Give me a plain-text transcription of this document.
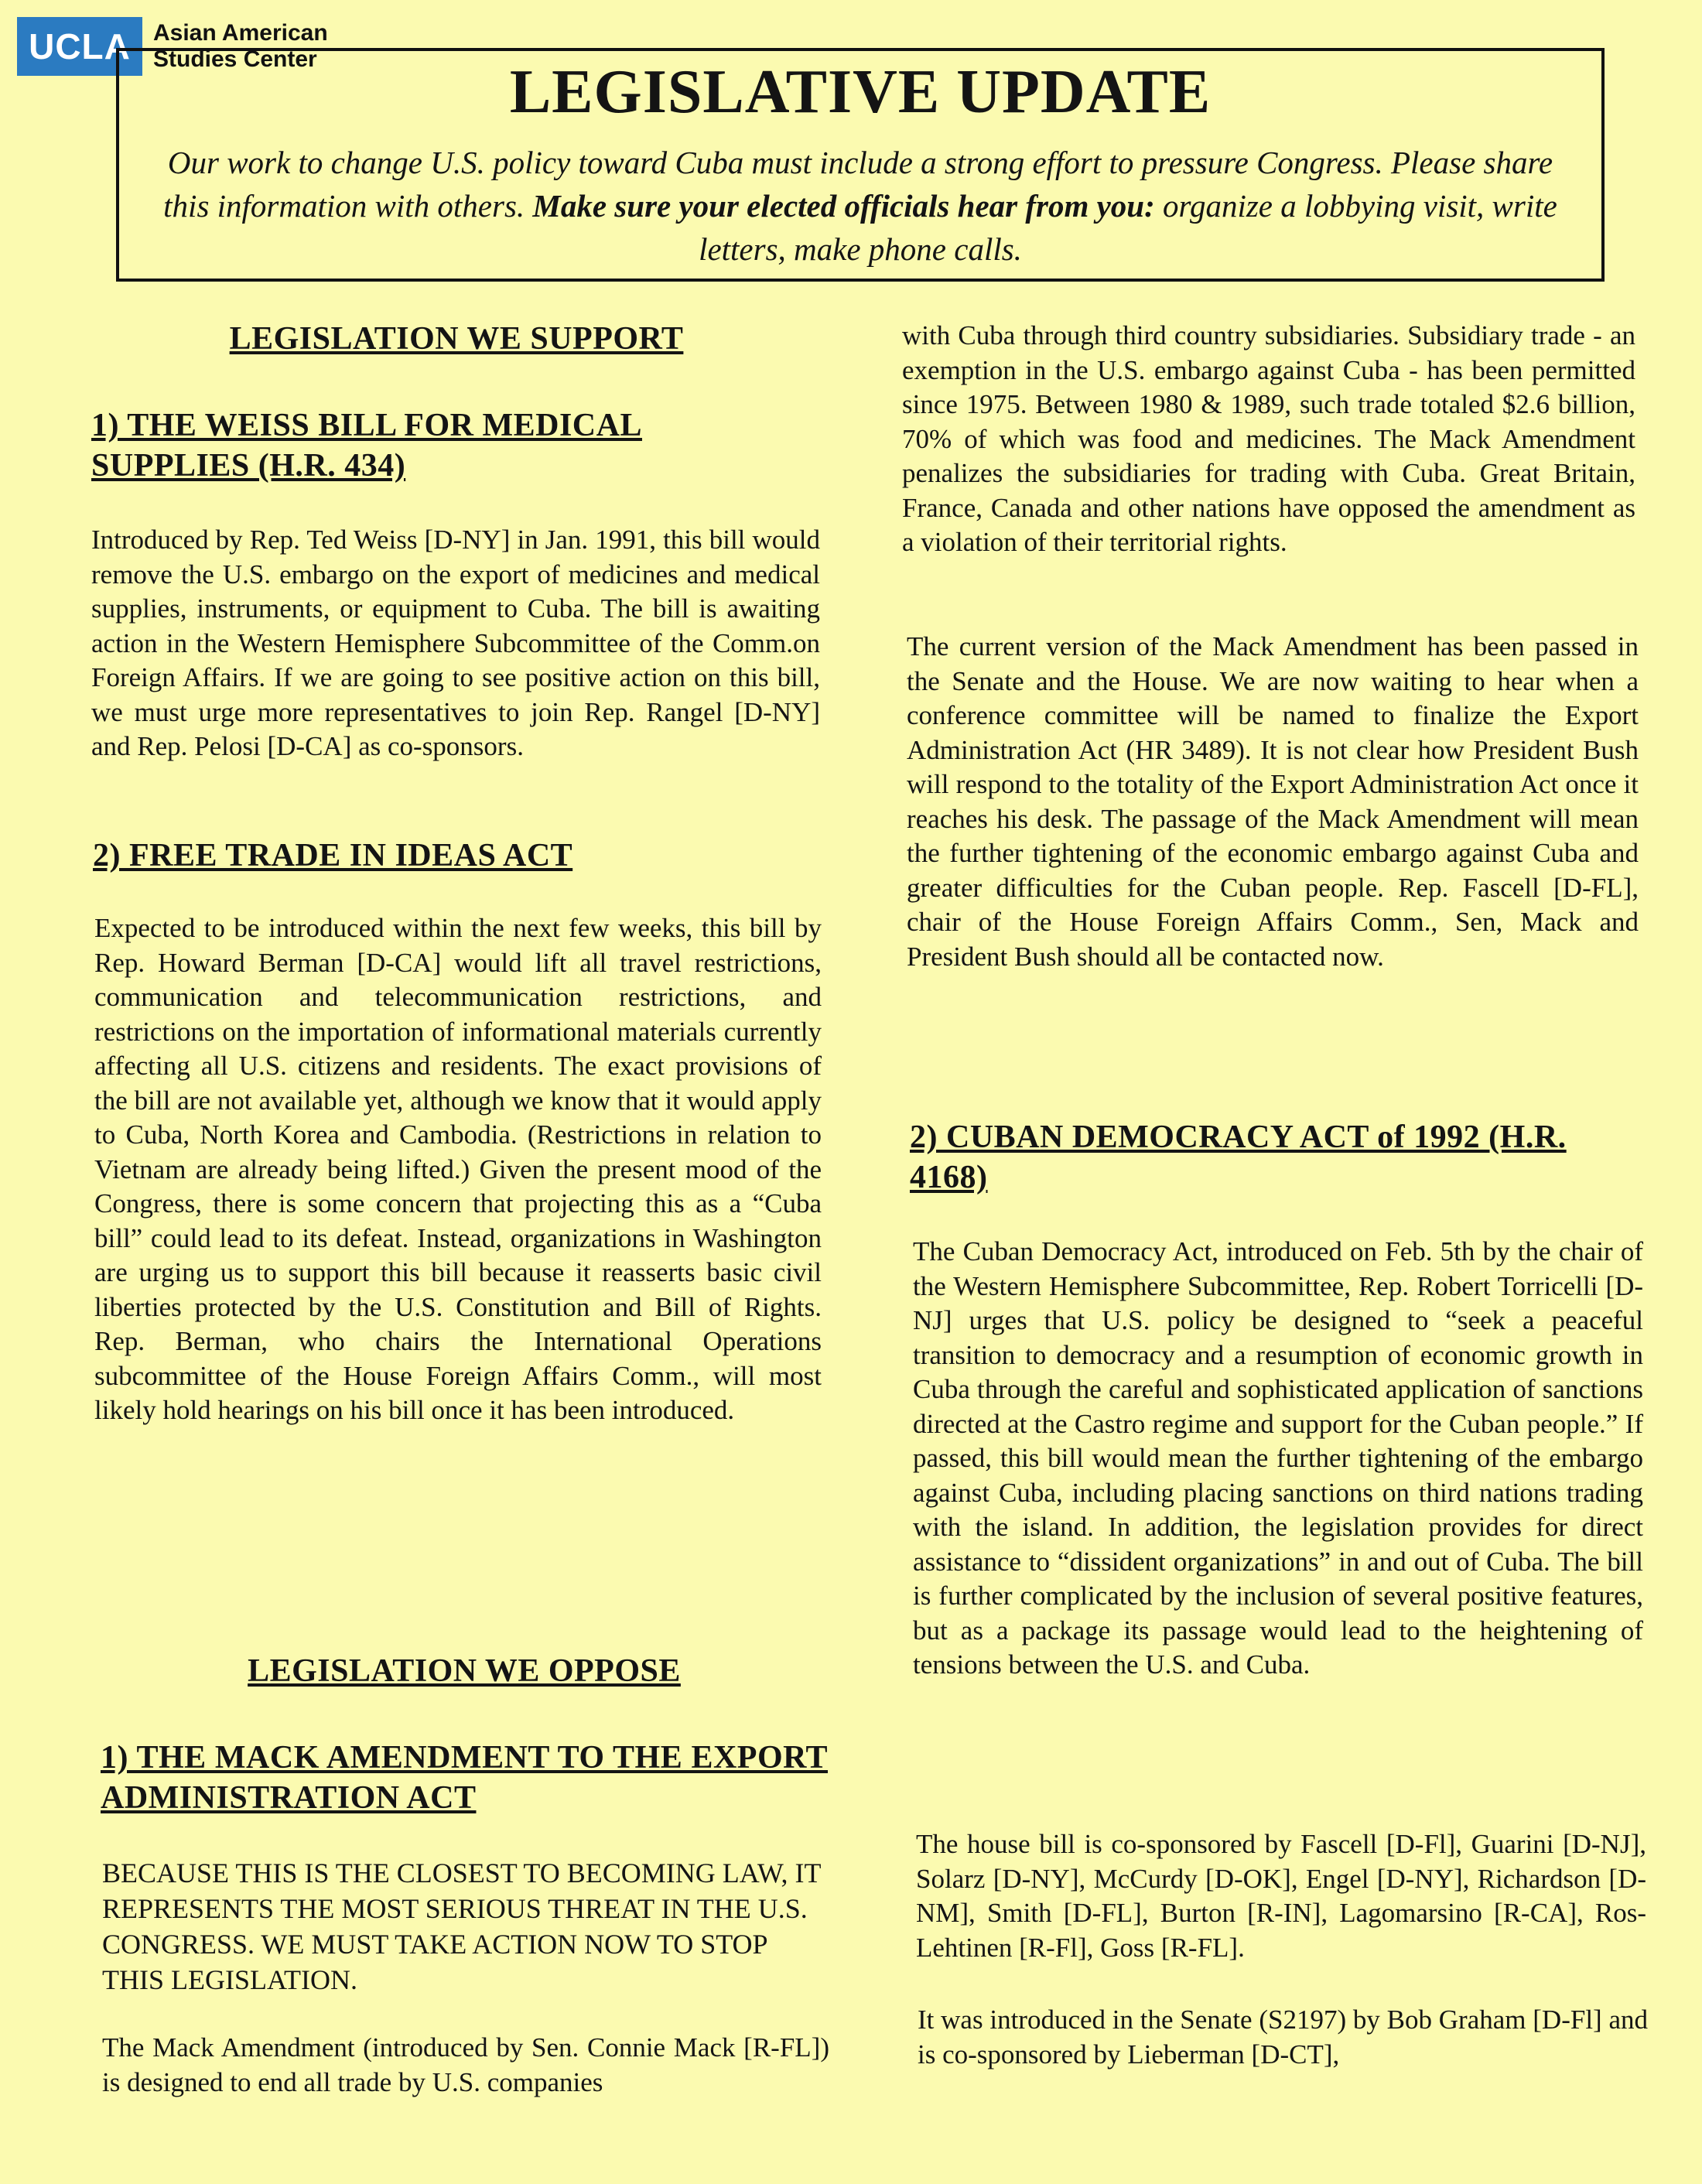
UCLA Asian American
Studies Center	LEGISLATIVE UPDATE
Our work to change U.S. policy toward Cuba must include a strong effort to pressure Congress. Please share this information with others. Make sure your elected officials hear from you: organize a lobbying visit, write letters, make phone calls.
LEGISLATION WE SUPPORT
1) THE WEISS BILL FOR MEDICAL SUPPLIES (H.R. 434)

Introduced by Rep. Ted Weiss [D-NY] in Jan. 1991, this bill would remove the U.S. embargo on the export of medicines and medical supplies, instruments, or equipment to Cuba. The bill is awaiting action in the Western Hemisphere Subcommittee of the Comm.on Foreign Affairs. If we are going to see positive action on this bill, we must urge more representatives to join Rep. Rangel [D-NY] and Rep. Pelosi [D-CA] as co-sponsors.

2) FREE TRADE IN IDEAS ACT

Expected to be introduced within the next few weeks, this bill by Rep. Howard Berman [D-CA] would lift all travel restrictions, communication and telecommunication restrictions, and restrictions on the importation of informational materials currently affecting all U.S. citizens and residents. The exact provisions of the bill are not available yet, although we know that it would apply to Cuba, North Korea and Cambodia. (Restrictions in relation to Vietnam are already being lifted.) Given the present mood of the Congress, there is some concern that projecting this as a “Cuba bill” could lead to its defeat. Instead, organizations in Washington are urging us to support this bill because it reasserts basic civil liberties protected by the U.S. Constitution and Bill of Rights. Rep. Berman, who chairs the International Operations subcommittee of the House Foreign Affairs Comm., will most likely hold hearings on his bill once it has been introduced.

LEGISLATION WE OPPOSE
1) THE MACK AMENDMENT TO THE EXPORT ADMINISTRATION ACT

BECAUSE THIS IS THE CLOSEST TO BECOMING LAW, IT REPRESENTS THE MOST SERIOUS THREAT IN THE U.S. CONGRESS. WE MUST TAKE ACTION NOW TO STOP THIS LEGISLATION.

The Mack Amendment (introduced by Sen. Connie Mack [R-FL]) is designed to end all trade by U.S. companies

with Cuba through third country subsidiaries. Subsidiary trade - an exemption in the U.S. embargo against Cuba - has been permitted since 1975. Between 1980 & 1989, such trade totaled $2.6 billion, 70% of which was food and medicines. The Mack Amendment penalizes the subsidiaries for trading with Cuba. Great Britain, France, Canada and other nations have opposed the amendment as a violation of their territorial rights.

The current version of the Mack Amendment has been passed in the Senate and the House. We are now waiting to hear when a conference committee will be named to finalize the Export Administration Act (HR 3489). It is not clear how President Bush will respond to the totality of the Export Administration Act once it reaches his desk. The passage of the Mack Amendment will mean the further tightening of the economic embargo against Cuba and greater difficulties for the Cuban people. Rep. Fascell [D-FL], chair of the House Foreign Affairs Comm., Sen, Mack and President Bush should all be contacted now.

2) CUBAN DEMOCRACY ACT of 1992 (H.R. 4168)

The Cuban Democracy Act, introduced on Feb. 5th by the chair of the Western Hemisphere Subcommittee, Rep. Robert Torricelli [D-NJ] urges that U.S. policy be designed to “seek a peaceful transition to democracy and a resumption of economic growth in Cuba through the careful and sophisticated application of sanctions directed at the Castro regime and support for the Cuban people.” If passed, this bill would mean the further tightening of the embargo against Cuba, including placing sanctions on third nations trading with the island. In addition, the legislation provides for direct assistance to “dissident organizations” in and out of Cuba. The bill is further complicated by the inclusion of several positive features, but as a package its passage would lead to the heightening of tensions between the U.S. and Cuba.

The house bill is co-sponsored by Fascell [D-Fl], Guarini [D-NJ], Solarz [D-NY], McCurdy [D-OK], Engel [D-NY], Richardson [D-NM], Smith [D-FL], Burton [R-IN], Lagomarsino [R-CA], Ros-Lehtinen [R-Fl], Goss [R-FL].

It was introduced in the Senate (S2197) by Bob Graham [D-Fl] and is co-sponsored by Lieberman [D-CT],
